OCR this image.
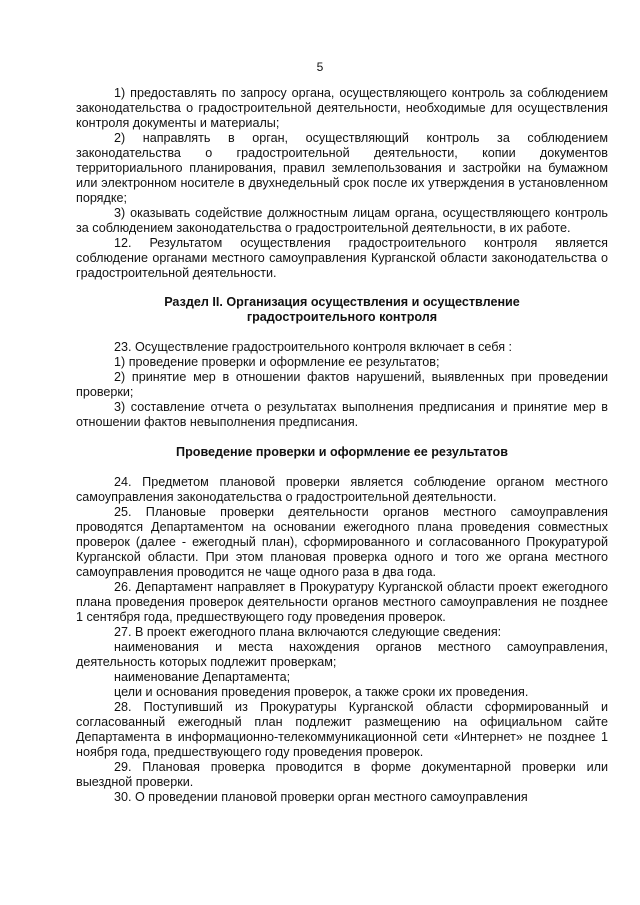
5

1) предоставлять по запросу органа, осуществляющего контроль за соблюдением законодательства о градостроительной деятельности, необходимые для осуществления контроля документы и материалы;

2) направлять в орган, осуществляющий контроль за соблюдением законодательства о градостроительной деятельности, копии документов территориального планирования, правил землепользования и застройки на бумажном или электронном носителе в двухнедельный срок после их утверждения в установленном порядке;

3) оказывать содействие должностным лицам органа, осуществляющего контроль за соблюдением законодательства о градостроительной деятельности, в их работе.

12. Результатом осуществления градостроительного контроля является соблюдение органами местного самоуправления Курганской области законодательства о градостроительной деятельности.

Раздел II. Организация осуществления и осуществление градостроительного контроля

23. Осуществление градостроительного контроля включает в себя :

1) проведение проверки и оформление ее результатов;

2) принятие мер в отношении фактов нарушений, выявленных при проведении проверки;

3) составление отчета о результатах выполнения предписания и принятие мер в отношении фактов невыполнения предписания.

Проведение проверки и оформление ее результатов

24. Предметом плановой проверки является соблюдение органом местного самоуправления законодательства о градостроительной деятельности.

25. Плановые проверки деятельности органов местного самоуправления проводятся Департаментом на основании ежегодного плана проведения совместных проверок (далее - ежегодный план), сформированного и согласованного Прокуратурой Курганской области. При этом плановая проверка одного и того же органа местного самоуправления проводится не чаще одного раза в два года.

26. Департамент направляет в Прокуратуру Курганской области проект ежегодного плана проведения проверок деятельности органов местного самоуправления не позднее 1 сентября года, предшествующего году проведения проверок.

27. В проект ежегодного плана включаются следующие сведения:

наименования и места нахождения органов местного самоуправления, деятельность которых подлежит проверкам;

наименование Департамента;

цели и основания проведения проверок, а также сроки их проведения.

28. Поступивший из Прокуратуры Курганской области сформированный и согласованный ежегодный план подлежит размещению на официальном сайте Департамента в информационно-телекоммуникационной сети «Интернет» не позднее 1 ноября года, предшествующего году проведения проверок.

29. Плановая проверка проводится в форме документарной проверки или выездной проверки.

30. О проведении плановой проверки орган местного самоуправления
